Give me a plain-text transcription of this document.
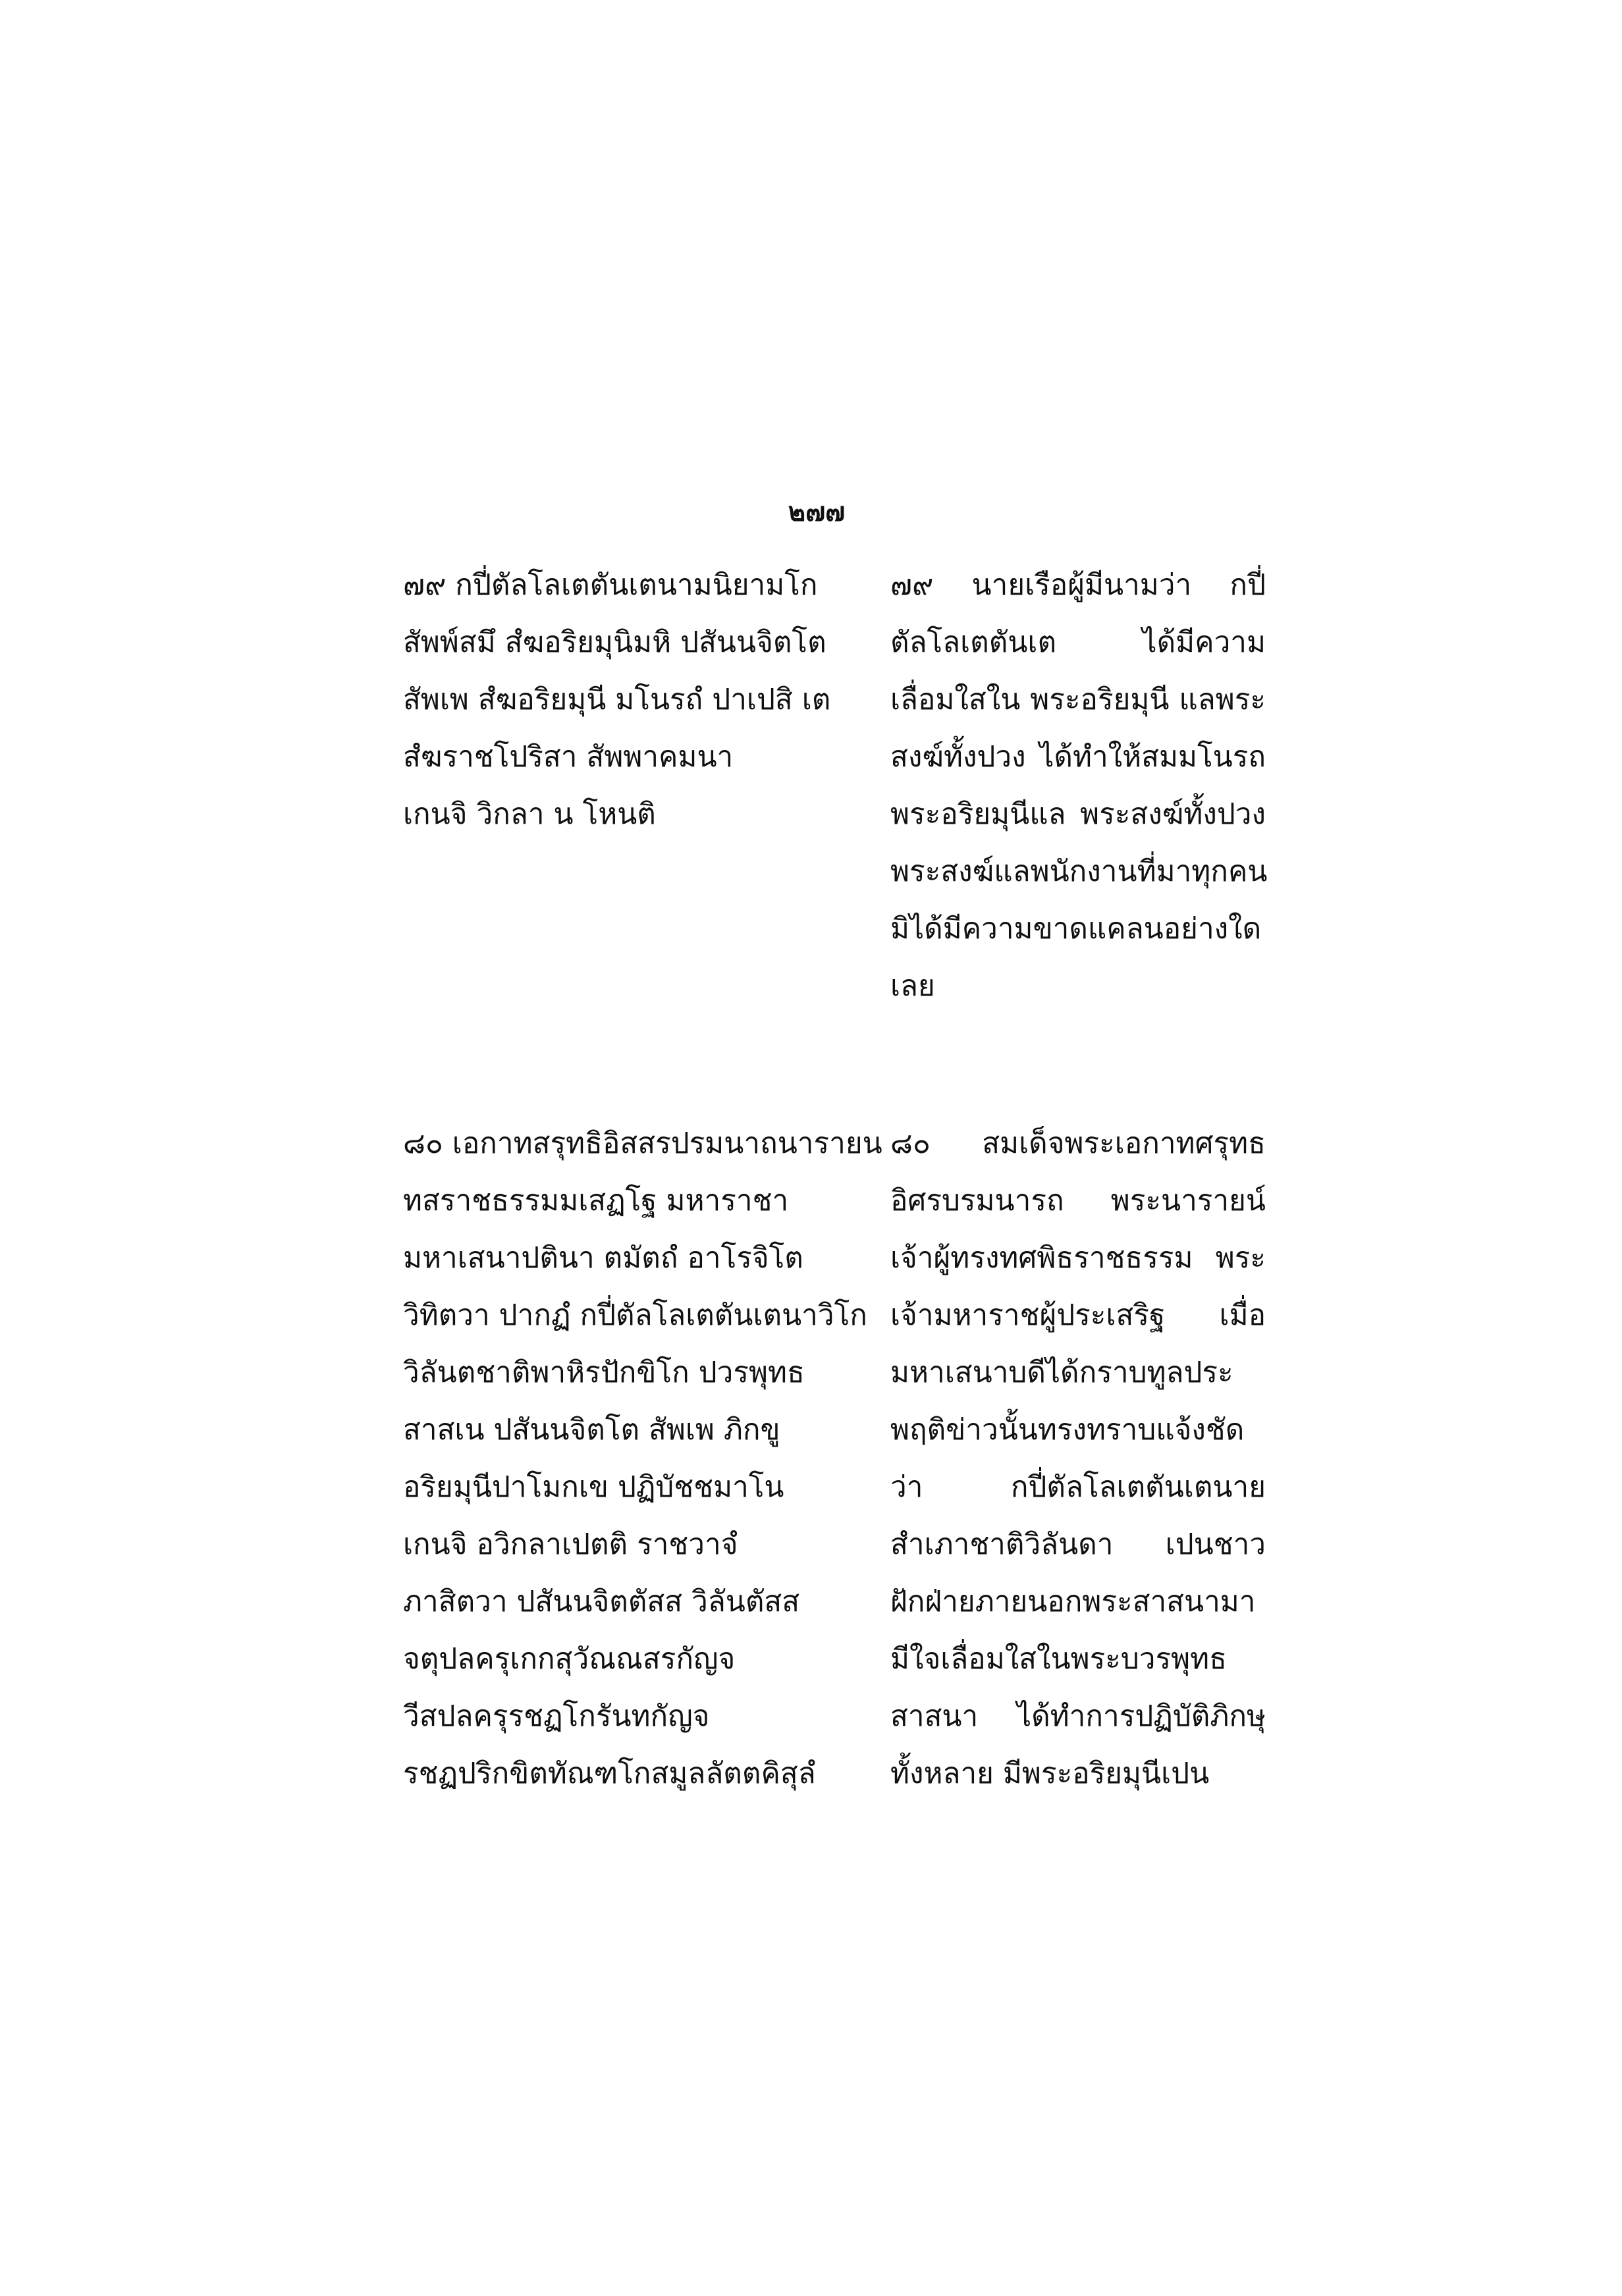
๒๗๗
๗๙ กปี่ตัลโลเตตันเตนามนิยามโก
สัพพ์สมึ สํฆอริยมุนิมหิ ปสันนจิตโต
สัพเพ สํฆอริยมุนี มโนรถํ ปาเปสิ เต
สํฆราชโปริสา สัพพาคมนา
เกนจิ วิกลา น โหนติ
๗๙ นายเรือผู้มีนามว่า กปี่
ตัลโลเตตันเต ได้มีความ
เลื่อมใสใน พระอริยมุนี แลพระ
สงฆ์ทั้งปวง ได้ทำให้สมมโนรถ
พระอริยมุนีแล พระสงฆ์ทั้งปวง
พระสงฆ์แลพนักงานที่มาทุกคน
มิได้มีความขาดแคลนอย่างใด
เลย
๘๐ เอกาทสรุทธิอิสสรปรมนาถนารายน
ทสราชธรรมมเสฏโฐ มหาราชา
มหาเสนาปตินา ตมัตถํ อาโรจิโต
วิทิตวา ปากฏํ กปี่ตัลโลเตตันเตนาวิโก
วิลันตชาติพาหิรปักขิโก ปวรพุทธ
สาสเน ปสันนจิตโต สัพเพ ภิกขู
อริยมุนีปาโมกเข ปฏิบัชชมาโน
เกนจิ อวิกลาเปตติ ราชวาจํ
ภาสิตวา ปสันนจิตตัสส วิลันตัสส
จตุปลครุเกกสุวัณณสรกัญจ
วีสปลครุรชฏโกรันทกัญจ
รชฏปริกขิตทัณฑโกสมูลลัตตคิสุลํ
๘๐ สมเด็จพระเอกาทศรุทธ
อิศรบรมนารถ พระนารายน์
เจ้าผู้ทรงทศพิธราชธรรม พระ
เจ้ามหาราชผู้ประเสริฐ เมื่อ
มหาเสนาบดีได้กราบทูลประ
พฤติข่าวนั้นทรงทราบแจ้งชัด
ว่า กปี่ตัลโลเตตันเตนาย
สำเภาชาติวิลันดา เปนชาว
ฝักฝ่ายภายนอกพระสาสนามา
มีใจเลื่อมใสในพระบวรพุทธ
สาสนา ได้ทำการปฏิบัติภิกษุ
ทั้งหลาย มีพระอริยมุนีเปน
